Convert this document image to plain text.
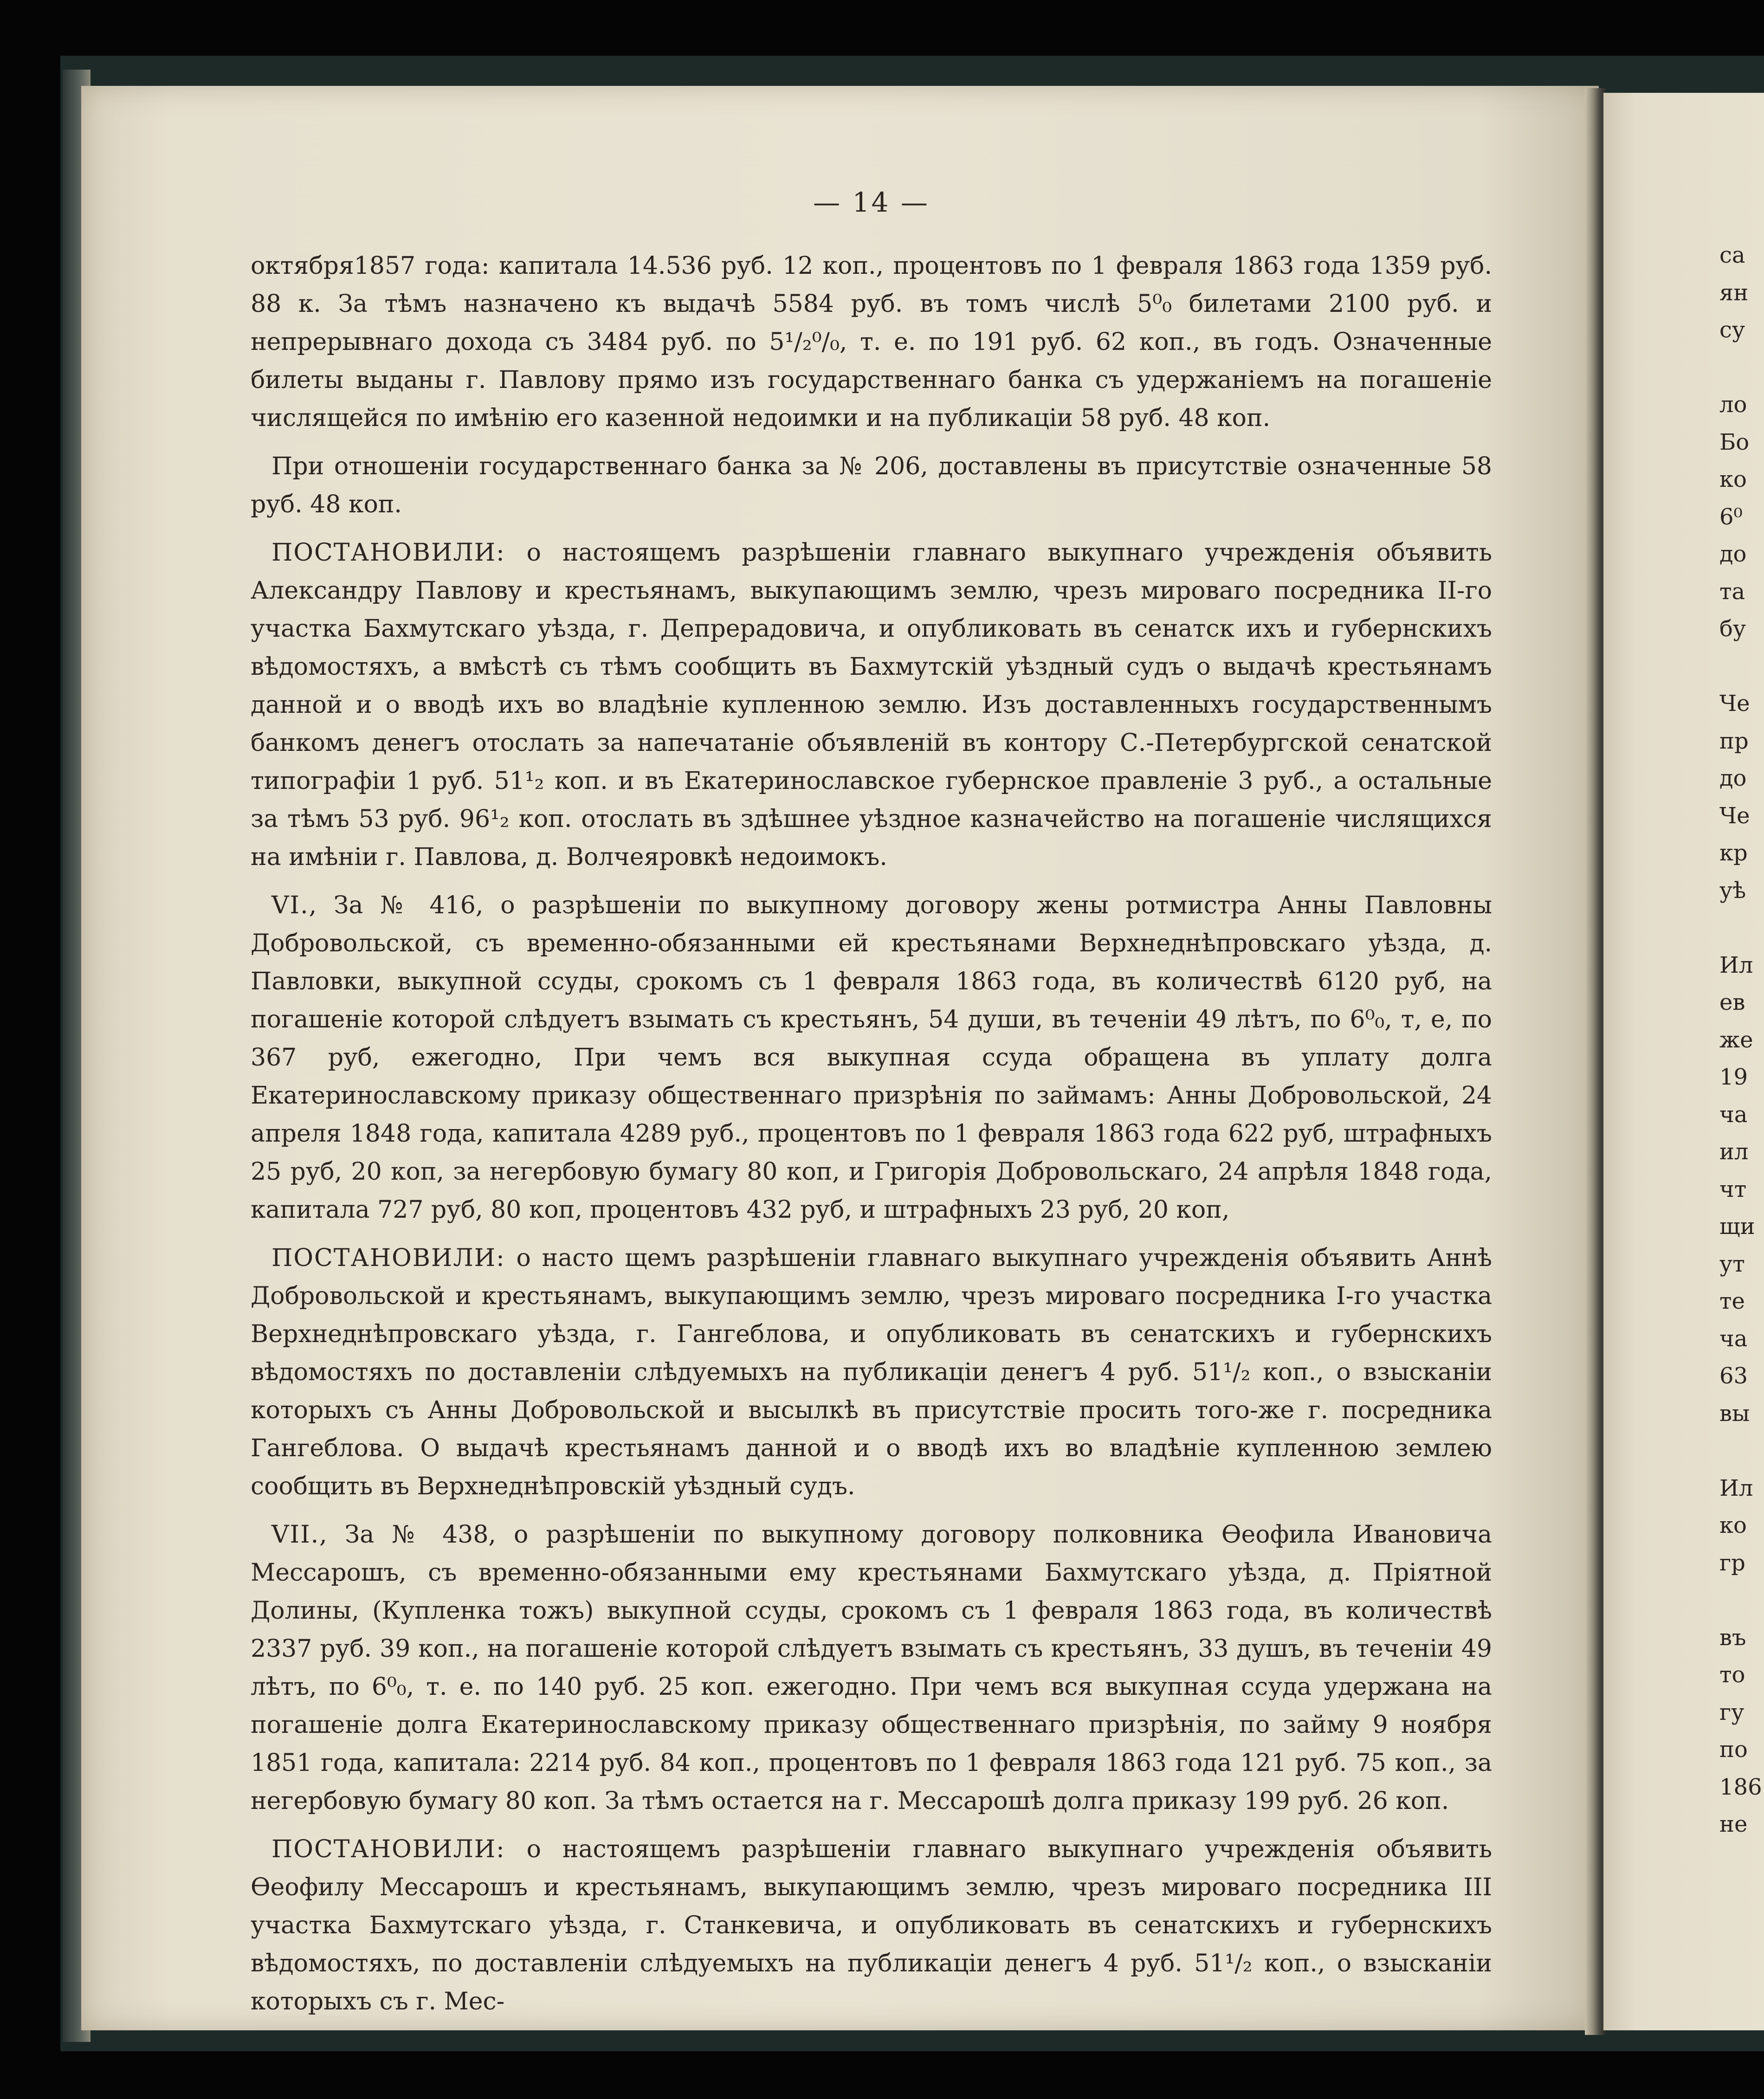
— 14 —

октября1857 года: капитала 14.536 руб. 12 коп., процентовъ по 1 февраля 1863 года 1359 руб. 88 к. За тѣмъ назначено къ выдачѣ 5584 руб. въ томъ числѣ 5⁰₀ билетами 2100 руб. и непрерывнаго дохода съ 3484 руб. по 5¹/₂⁰/₀, т. е. по 191 руб. 62 коп., въ годъ. Означенные билеты выданы г. Павлову прямо изъ государственнаго банка съ удержаніемъ на погашеніе числящейся по имѣнію его казенной недоимки и на публикаціи 58 руб. 48 коп.

При отношеніи государственнаго банка за № 206, доставлены въ присутствіе означенные 58 руб. 48 коп.

ПОСТАНОВИЛИ: о настоящемъ разрѣшеніи главнаго выкупнаго учрежденія объявить Александру Павлову и крестьянамъ, выкупающимъ землю, чрезъ мироваго посредника II-го участка Бахмутскаго уѣзда, г. Депрерадовича, и опубликовать въ сенатск ихъ и губернскихъ вѣдомостяхъ, а вмѣстѣ съ тѣмъ сообщить въ Бахмутскій уѣздный судъ о выдачѣ крестьянамъ данной и о вводѣ ихъ во владѣніе купленною землю. Изъ доставленныхъ государственнымъ банкомъ денегъ отослать за напечатаніе объявленій въ контору С.-Петербургской сенатской типографіи 1 руб. 51¹₂ коп. и въ Екатеринославское губернское правленіе 3 руб., а остальные за тѣмъ 53 руб. 96¹₂ коп. отослать въ здѣшнее уѣздное казначейство на погашеніе числящихся на имѣніи г. Павлова, д. Волчеяровкѣ недоимокъ.

VI., За № 416, о разрѣшеніи по выкупному договору жены ротмистра Анны Павловны Добровольской, съ временно-обязанными ей крестьянами Верхнеднѣпровскаго уѣзда, д. Павловки, выкупной ссуды, срокомъ съ 1 февраля 1863 года, въ количествѣ 6120 руб, на погашеніе которой слѣдуетъ взымать съ крестьянъ, 54 души, въ теченіи 49 лѣтъ, по 6⁰₀, т, е, по 367 руб, ежегодно, При чемъ вся выкупная ссуда обращена въ уплату долга Екатеринославскому приказу общественнаго призрѣнія по займамъ: Анны Добровольской, 24 апреля 1848 года, капитала 4289 руб., процентовъ по 1 февраля 1863 года 622 руб, штрафныхъ 25 руб, 20 коп, за негербовую бумагу 80 коп, и Григорія Добровольскаго, 24 апрѣля 1848 года, капитала 727 руб, 80 коп, процентовъ 432 руб, и штрафныхъ 23 руб, 20 коп,

ПОСТАНОВИЛИ: о насто щемъ разрѣшеніи главнаго выкупнаго учрежденія объявить Аннѣ Добровольской и крестьянамъ, выкупающимъ землю, чрезъ мироваго посредника I-го участка Верхнеднѣпровскаго уѣзда, г. Гангеблова, и опубликовать въ сенатскихъ и губернскихъ вѣдомостяхъ по доставленіи слѣдуемыхъ на публикаціи денегъ 4 руб. 51¹/₂ коп., о взысканіи которыхъ съ Анны Добровольской и высылкѣ въ присутствіе просить того-же г. посредника Гангеблова. О выдачѣ крестьянамъ данной и о вводѣ ихъ во владѣніе купленною землею сообщить въ Верхнеднѣпровскій уѣздный судъ.

VII., За № 438, о разрѣшеніи по выкупному договору полковника Ѳеофила Ивановича Мессарошъ, съ временно-обязанными ему крестьянами Бахмутскаго уѣзда, д. Пріятной Долины, (Купленка тожъ) выкупной ссуды, срокомъ съ 1 февраля 1863 года, въ количествѣ 2337 руб. 39 коп., на погашеніе которой слѣдуетъ взымать съ крестьянъ, 33 душъ, въ теченіи 49 лѣтъ, по 6⁰₀, т. е. по 140 руб. 25 коп. ежегодно. При чемъ вся выкупная ссуда удержана на погашеніе долга Екатеринославскому приказу общественнаго призрѣнія, по займу 9 ноября 1851 года, капитала: 2214 руб. 84 коп., процентовъ по 1 февраля 1863 года 121 руб. 75 коп., за негербовую бумагу 80 коп. За тѣмъ остается на г. Мессарошѣ долга приказу 199 руб. 26 коп.

ПОСТАНОВИЛИ: о настоящемъ разрѣшеніи главнаго выкупнаго учрежденія объявить Ѳеофилу Мессарошъ и крестьянамъ, выкупающимъ землю, чрезъ мироваго посредника III участка Бахмутскаго уѣзда, г. Станкевича, и опубликовать въ сенатскихъ и губернскихъ вѣдомостяхъ, по доставленіи слѣдуемыхъ на публикаціи денегъ 4 руб. 51¹/₂ коп., о взысканіи которыхъ съ г. Мес-

са
ян
су
ло
Бо
ко
6⁰
до
та
бу
Че
пр
до
Че
кр
уѣ
Ил
ев
же
19
ча
ил
чт
щи
ут
те
ча
63
вы
Ил
ко
гр
въ
то
гу
по
186
не
